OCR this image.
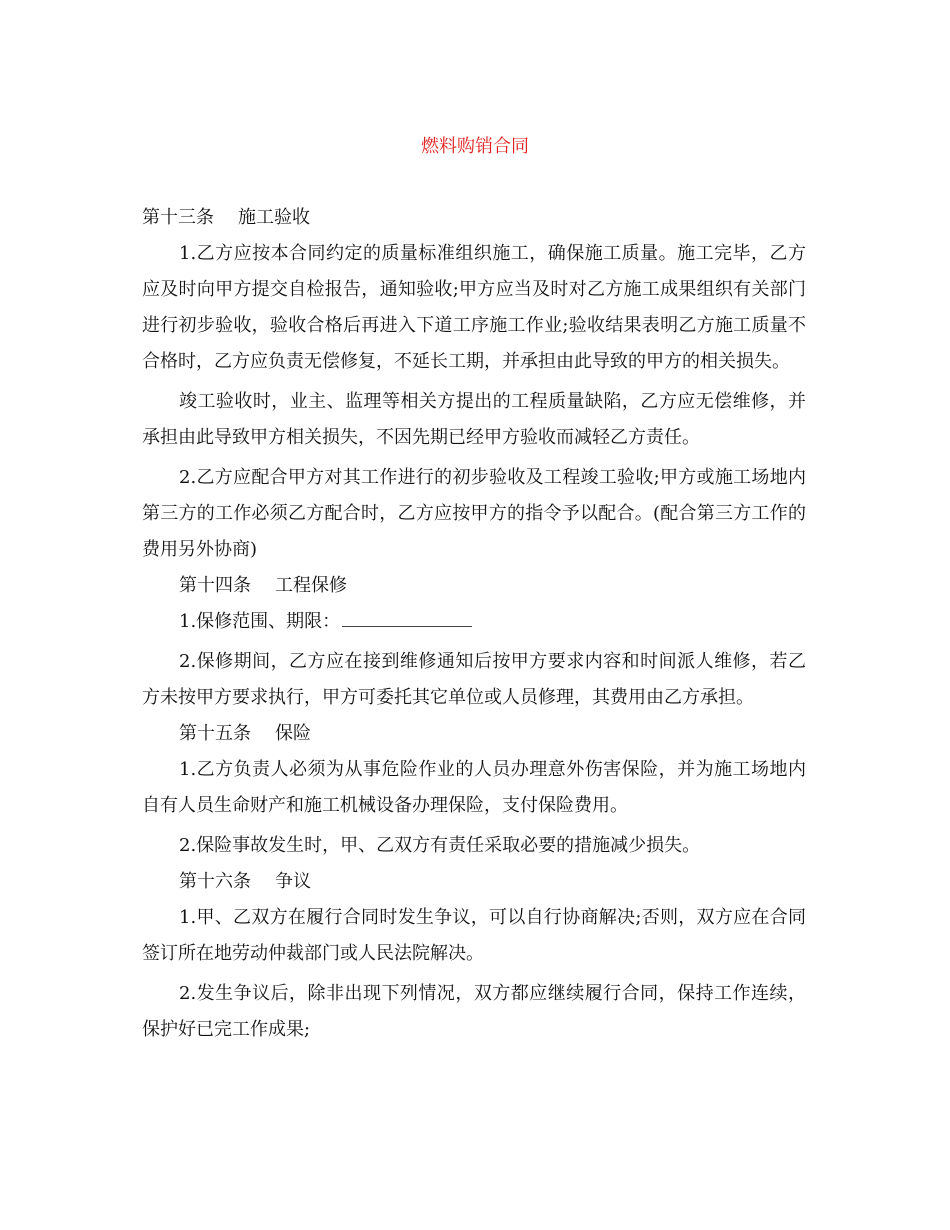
燃料购销合同
第十三条 施工验收

1.乙方应按本合同约定的质量标准组织施工，确保施工质量。施工完毕，乙方应及时向甲方提交自检报告，通知验收;甲方应当及时对乙方施工成果组织有关部门进行初步验收，验收合格后再进入下道工序施工作业;验收结果表明乙方施工质量不合格时，乙方应负责无偿修复，不延长工期，并承担由此导致的甲方的相关损失。

竣工验收时，业主、监理等相关方提出的工程质量缺陷，乙方应无偿维修，并承担由此导致甲方相关损失，不因先期已经甲方验收而减轻乙方责任。

2.乙方应配合甲方对其工作进行的初步验收及工程竣工验收;甲方或施工场地内第三方的工作必须乙方配合时，乙方应按甲方的指令予以配合。(配合第三方工作的费用另外协商)

第十四条 工程保修

1.保修范围、期限：

2.保修期间，乙方应在接到维修通知后按甲方要求内容和时间派人维修，若乙方未按甲方要求执行，甲方可委托其它单位或人员修理，其费用由乙方承担。

第十五条 保险

1.乙方负责人必须为从事危险作业的人员办理意外伤害保险，并为施工场地内自有人员生命财产和施工机械设备办理保险，支付保险费用。

2.保险事故发生时，甲、乙双方有责任采取必要的措施减少损失。

第十六条 争议

1.甲、乙双方在履行合同时发生争议，可以自行协商解决;否则，双方应在合同签订所在地劳动仲裁部门或人民法院解决。

2.发生争议后，除非出现下列情况，双方都应继续履行合同，保持工作连续，保护好已完工作成果;
